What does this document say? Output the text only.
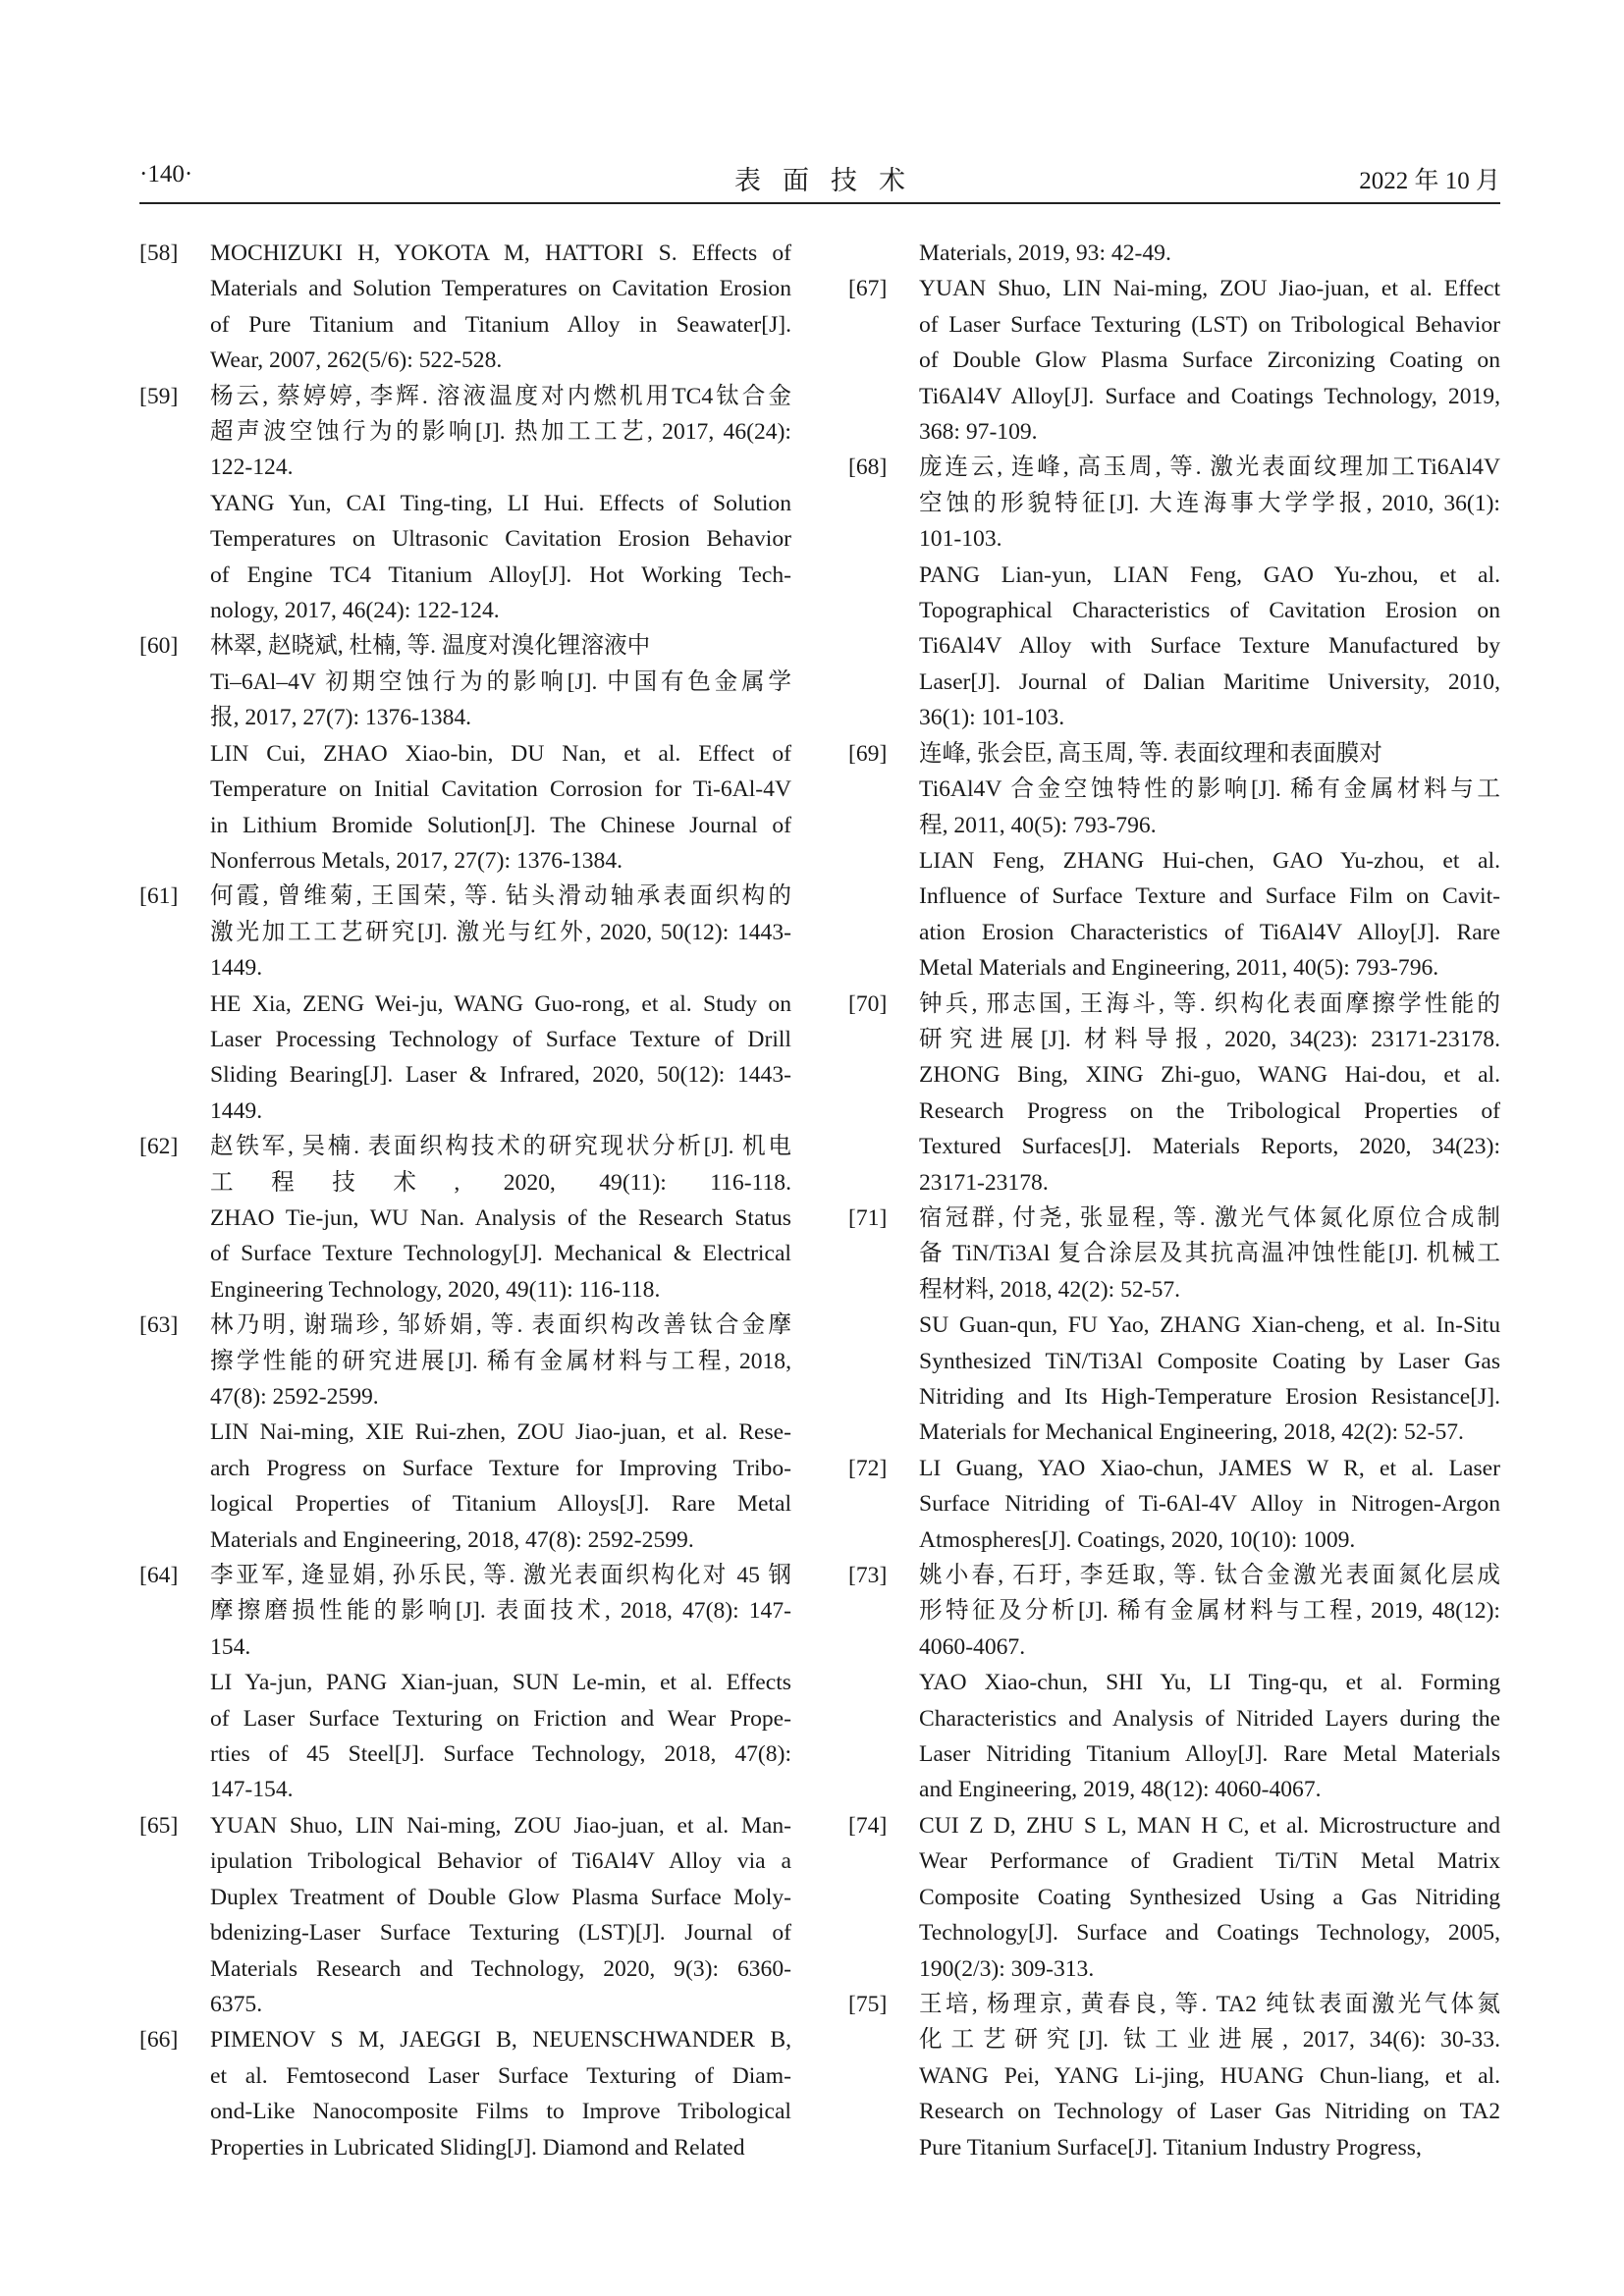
·140·	表面技术	2022 年 10 月
[58] MOCHIZUKI H, YOKOTA M, HATTORI S. Effects of
Materials and Solution Temperatures on Cavitation Erosion
of Pure Titanium and Titanium Alloy in Seawater[J].
Wear, 2007, 262(5/6): 522-528.
[59] 杨云, 蔡婷婷, 李辉. 溶液温度对内燃机用TC4钛合金
超声波空蚀行为的影响[J]. 热加工工艺, 2017, 46(24):
122-124.
YANG Yun, CAI Ting-ting, LI Hui. Effects of Solution
Temperatures on Ultrasonic Cavitation Erosion Behavior
of Engine TC4 Titanium Alloy[J]. Hot Working Tech-
nology, 2017, 46(24): 122-124.
[60] 林翠, 赵晓斌, 杜楠, 等. 温度对溴化锂溶液中
Ti–6Al–4V 初期空蚀行为的影响[J]. 中国有色金属学
报, 2017, 27(7): 1376-1384.
LIN Cui, ZHAO Xiao-bin, DU Nan, et al. Effect of
Temperature on Initial Cavitation Corrosion for Ti-6Al-4V
in Lithium Bromide Solution[J]. The Chinese Journal of
Nonferrous Metals, 2017, 27(7): 1376-1384.
[61] 何霞, 曾维菊, 王国荣, 等. 钻头滑动轴承表面织构的
激光加工工艺研究[J]. 激光与红外, 2020, 50(12): 1443-
1449.
HE Xia, ZENG Wei-ju, WANG Guo-rong, et al. Study on
Laser Processing Technology of Surface Texture of Drill
Sliding Bearing[J]. Laser & Infrared, 2020, 50(12): 1443-
1449.
[62] 赵铁军, 吴楠. 表面织构技术的研究现状分析[J]. 机电
工程技术, 2020, 49(11): 116-118.
ZHAO Tie-jun, WU Nan. Analysis of the Research Status
of Surface Texture Technology[J]. Mechanical & Electrical
Engineering Technology, 2020, 49(11): 116-118.
[63] 林乃明, 谢瑞珍, 邹娇娟, 等. 表面织构改善钛合金摩
擦学性能的研究进展[J]. 稀有金属材料与工程, 2018,
47(8): 2592-2599.
LIN Nai-ming, XIE Rui-zhen, ZOU Jiao-juan, et al. Rese-
arch Progress on Surface Texture for Improving Tribo-
logical Properties of Titanium Alloys[J]. Rare Metal
Materials and Engineering, 2018, 47(8): 2592-2599.
[64] 李亚军, 逄显娟, 孙乐民, 等. 激光表面织构化对 45 钢
摩擦磨损性能的影响[J]. 表面技术, 2018, 47(8): 147-
154.
LI Ya-jun, PANG Xian-juan, SUN Le-min, et al. Effects
of Laser Surface Texturing on Friction and Wear Prope-
rties of 45 Steel[J]. Surface Technology, 2018, 47(8):
147-154.
[65] YUAN Shuo, LIN Nai-ming, ZOU Jiao-juan, et al. Man-
ipulation Tribological Behavior of Ti6Al4V Alloy via a
Duplex Treatment of Double Glow Plasma Surface Moly-
bdenizing-Laser Surface Texturing (LST)[J]. Journal of
Materials Research and Technology, 2020, 9(3): 6360-
6375.
[66] PIMENOV S M, JAEGGI B, NEUENSCHWANDER B,
et al. Femtosecond Laser Surface Texturing of Diam-
ond-Like Nanocomposite Films to Improve Tribological
Properties in Lubricated Sliding[J]. Diamond and Related
Materials, 2019, 93: 42-49.
[67] YUAN Shuo, LIN Nai-ming, ZOU Jiao-juan, et al. Effect
of Laser Surface Texturing (LST) on Tribological Behavior
of Double Glow Plasma Surface Zirconizing Coating on
Ti6Al4V Alloy[J]. Surface and Coatings Technology, 2019,
368: 97-109.
[68] 庞连云, 连峰, 高玉周, 等. 激光表面纹理加工Ti6Al4V
空蚀的形貌特征[J]. 大连海事大学学报, 2010, 36(1):
101-103.
PANG Lian-yun, LIAN Feng, GAO Yu-zhou, et al.
Topographical Characteristics of Cavitation Erosion on
Ti6Al4V Alloy with Surface Texture Manufactured by
Laser[J]. Journal of Dalian Maritime University, 2010,
36(1): 101-103.
[69] 连峰, 张会臣, 高玉周, 等. 表面纹理和表面膜对
Ti6Al4V 合金空蚀特性的影响[J]. 稀有金属材料与工
程, 2011, 40(5): 793-796.
LIAN Feng, ZHANG Hui-chen, GAO Yu-zhou, et al.
Influence of Surface Texture and Surface Film on Cavit-
ation Erosion Characteristics of Ti6Al4V Alloy[J]. Rare
Metal Materials and Engineering, 2011, 40(5): 793-796.
[70] 钟兵, 邢志国, 王海斗, 等. 织构化表面摩擦学性能的
研究进展[J]. 材料导报, 2020, 34(23): 23171-23178.
ZHONG Bing, XING Zhi-guo, WANG Hai-dou, et al.
Research Progress on the Tribological Properties of
Textured Surfaces[J]. Materials Reports, 2020, 34(23):
23171-23178.
[71] 宿冠群, 付尧, 张显程, 等. 激光气体氮化原位合成制
备 TiN/Ti3Al 复合涂层及其抗高温冲蚀性能[J]. 机械工
程材料, 2018, 42(2): 52-57.
SU Guan-qun, FU Yao, ZHANG Xian-cheng, et al. In-Situ
Synthesized TiN/Ti3Al Composite Coating by Laser Gas
Nitriding and Its High-Temperature Erosion Resistance[J].
Materials for Mechanical Engineering, 2018, 42(2): 52-57.
[72] LI Guang, YAO Xiao-chun, JAMES W R, et al. Laser
Surface Nitriding of Ti-6Al-4V Alloy in Nitrogen-Argon
Atmospheres[J]. Coatings, 2020, 10(10): 1009.
[73] 姚小春, 石玗, 李廷取, 等. 钛合金激光表面氮化层成
形特征及分析[J]. 稀有金属材料与工程, 2019, 48(12):
4060-4067.
YAO Xiao-chun, SHI Yu, LI Ting-qu, et al. Forming
Characteristics and Analysis of Nitrided Layers during the
Laser Nitriding Titanium Alloy[J]. Rare Metal Materials
and Engineering, 2019, 48(12): 4060-4067.
[74] CUI Z D, ZHU S L, MAN H C, et al. Microstructure and
Wear Performance of Gradient Ti/TiN Metal Matrix
Composite Coating Synthesized Using a Gas Nitriding
Technology[J]. Surface and Coatings Technology, 2005,
190(2/3): 309-313.
[75] 王培, 杨理京, 黄春良, 等. TA2 纯钛表面激光气体氮
化工艺研究[J]. 钛工业进展, 2017, 34(6): 30-33.
WANG Pei, YANG Li-jing, HUANG Chun-liang, et al.
Research on Technology of Laser Gas Nitriding on TA2
Pure Titanium Surface[J]. Titanium Industry Progress,
